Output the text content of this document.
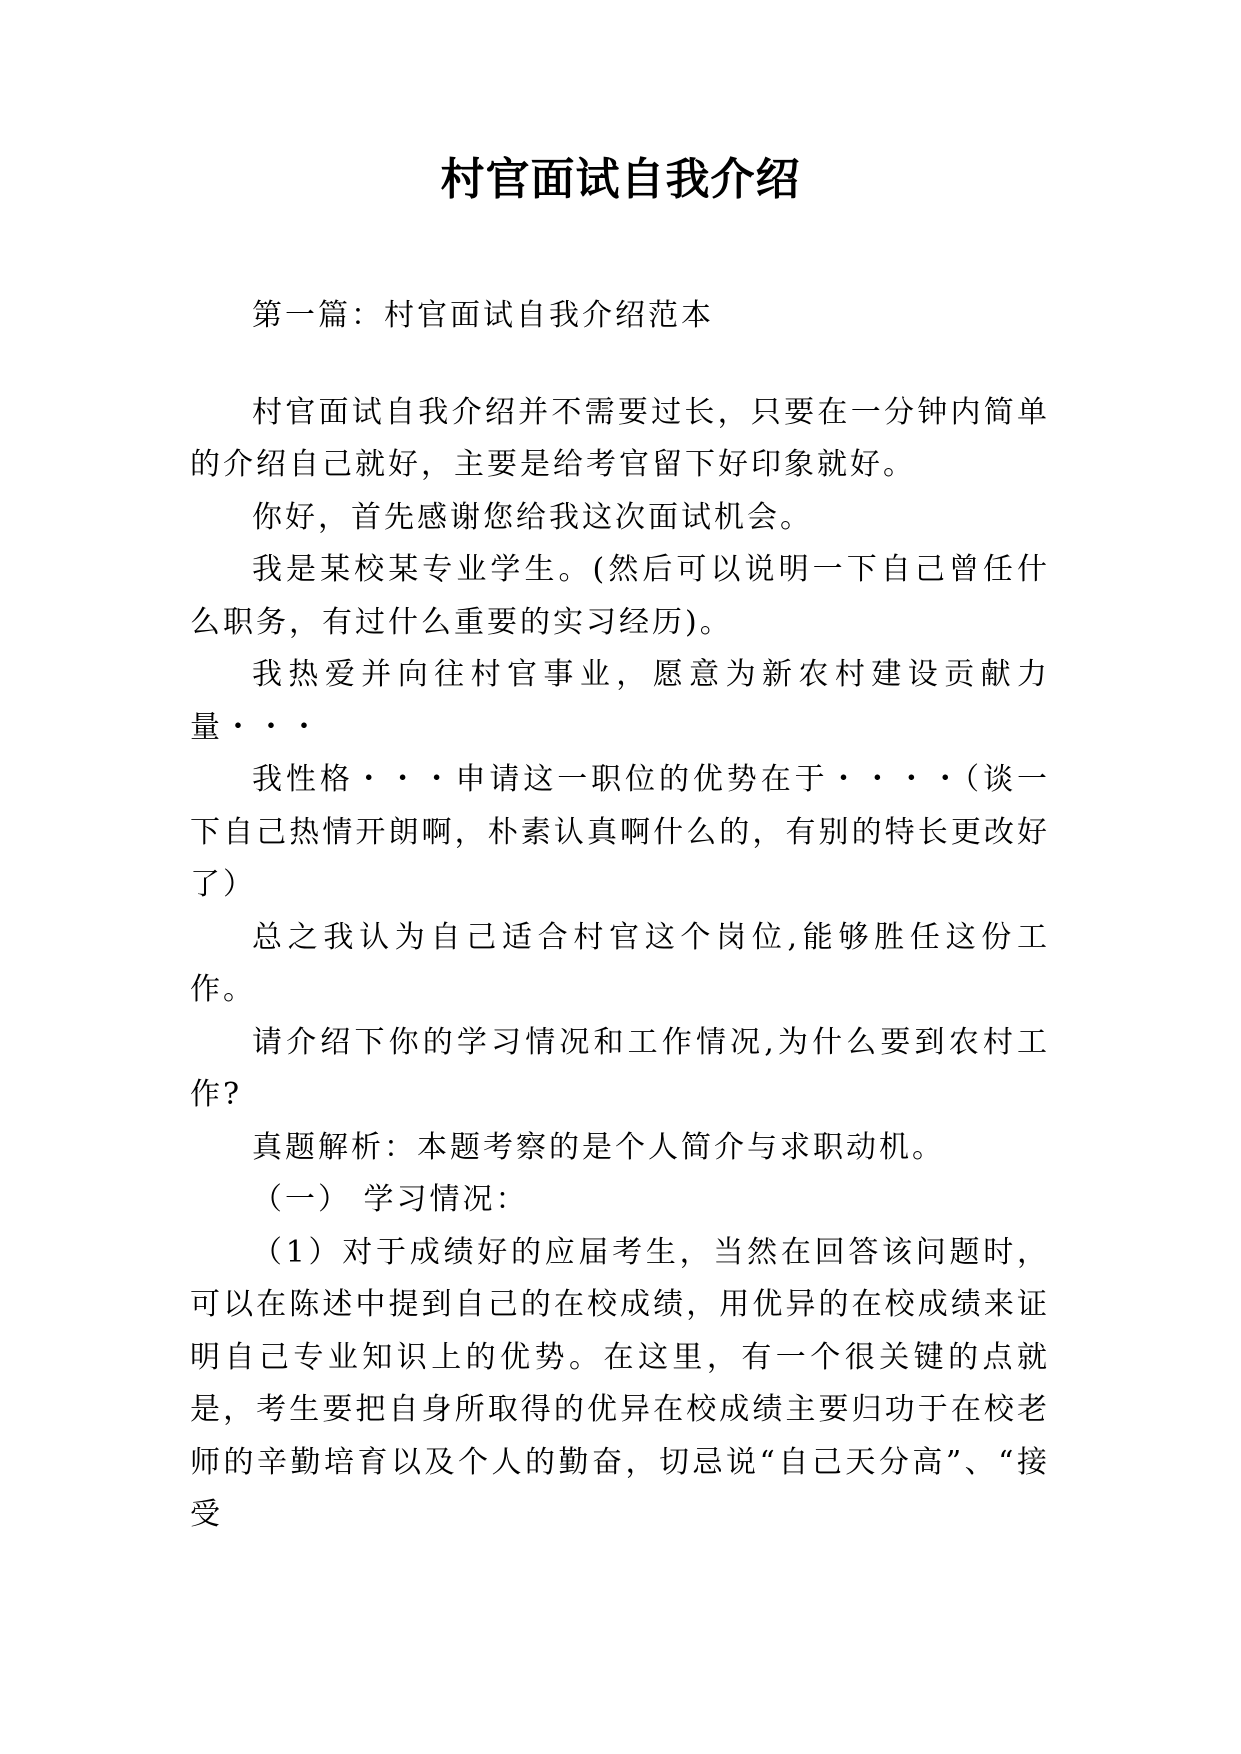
村官面试自我介绍

第一篇：村官面试自我介绍范本

村官面试自我介绍并不需要过长，只要在一分钟内简单的介绍自己就好，主要是给考官留下好印象就好。

你好，首先感谢您给我这次面试机会。

我是某校某专业学生。(然后可以说明一下自己曾任什么职务，有过什么重要的实习经历)。

我热爱并向往村官事业，愿意为新农村建设贡献力量・・・

我性格・・・申请这一职位的优势在于・・・・（谈一下自己热情开朗啊，朴素认真啊什么的，有别的特长更改好了）

总之我认为自己适合村官这个岗位,能够胜任这份工作。

请介绍下你的学习情况和工作情况,为什么要到农村工作?

真题解析：本题考察的是个人简介与求职动机。

（一） 学习情况：

（1）对于成绩好的应届考生，当然在回答该问题时，可以在陈述中提到自己的在校成绩，用优异的在校成绩来证明自己专业知识上的优势。在这里，有一个很关键的点就是，考生要把自身所取得的优异在校成绩主要归功于在校老师的辛勤培育以及个人的勤奋，切忌说“自己天分高”、“接受
